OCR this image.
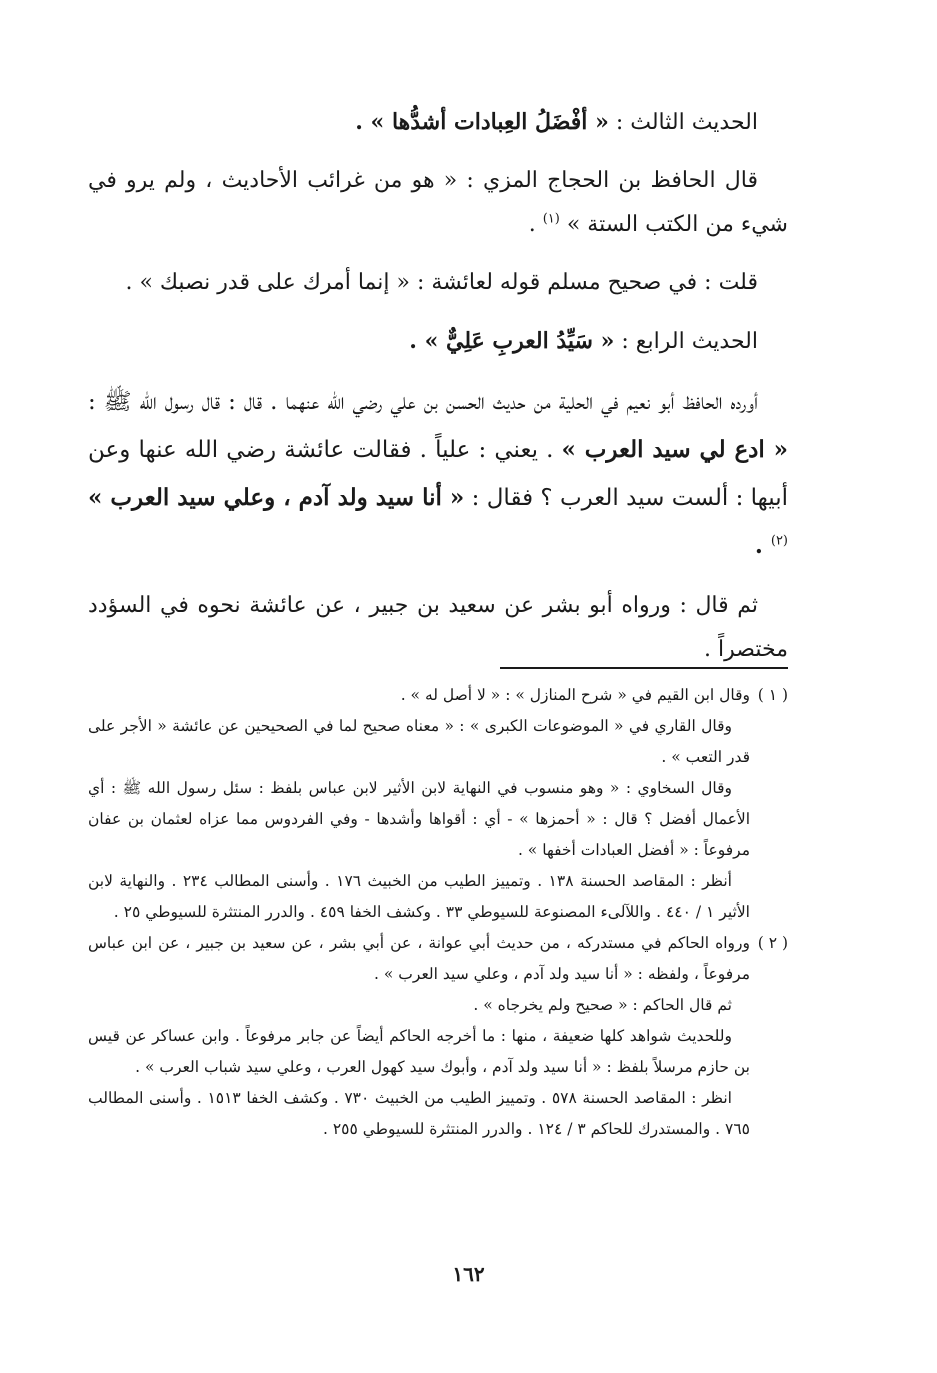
الحديث الثالث : « أفْضَلُ العِبادات أشدُّها » .

قال الحافظ بن الحجاج المزي : « هو من غرائب الأحاديث ، ولم يرو في شيء من الكتب الستة » $^{(١)}$ .

قلت : في صحيح مسلم قوله لعائشة : « إنما أمرك على قدر نصبك » .

الحديث الرابع : « سَيِّدُ العربِ عَلِيٌّ » .

أورده الحافظ أبو نعيم في الحلية من حديث الحسن بن علي رضي الله عنهما . قال : قال رسول الله ﷺ : « ادع لي سيد العرب » . يعني : علياً . فقالت عائشة رضي الله عنها وعن أبيها : ألست سيد العرب ؟ فقال : « أنا سيد ولد آدم ، وعلي سيد العرب » $^{(٢)}$ .

ثم قال : ورواه أبو بشر عن سعيد بن جبير ، عن عائشة نحوه في السؤدد مختصراً .

( ١ )

وقال ابن القيم في « شرح المنازل » : « لا أصل له » .

وقال القاري في « الموضوعات الكبرى » : « معناه صحيح لما في الصحيحين عن عائشة « الأجر على قدر التعب » .

وقال السخاوي : « وهو منسوب في النهاية لابن الأثير لابن عباس بلفظ : سئل رسول الله ﷺ : أي الأعمال أفضل ؟ قال : « أحمزها » - أي : أقواها وأشدها - وفي الفردوس مما عزاه لعثمان بن عفان مرفوعاً : « أفضل العبادات أخفها » .

أنظر : المقاصد الحسنة ١٣٨ . وتمييز الطيب من الخبيث ١٧٦ . وأسنى المطالب ٢٣٤ . والنهاية لابن الأثير ١ / ٤٤٠ . واللآلىء المصنوعة للسيوطي ٣٣ . وكشف الخفا ٤٥٩ . والدرر المنتثرة للسيوطي ٢٥ .

( ٢ )

ورواه الحاكم في مستدركه ، من حديث أبي عوانة ، عن أبي بشر ، عن سعيد بن جبير ، عن ابن عباس مرفوعاً ، ولفظه : « أنا سيد ولد آدم ، وعلي سيد العرب » .

ثم قال الحاكم : « صحيح ولم يخرجاه » .

وللحديث شواهد كلها ضعيفة ، منها : ما أخرجه الحاكم أيضاً عن جابر مرفوعاً . وابن عساكر عن قيس بن حازم مرسلاً بلفظ : « أنا سيد ولد آدم ، وأبوك سيد كهول العرب ، وعلي سيد شباب العرب » .

انظر : المقاصد الحسنة ٥٧٨ . وتمييز الطيب من الخبيث ٧٣٠ . وكشف الخفا ١٥١٣ . وأسنى المطالب ٧٦٥ . والمستدرك للحاكم ٣ / ١٢٤ . والدرر المنتثرة للسيوطي ٢٥٥ .

١٦٢
